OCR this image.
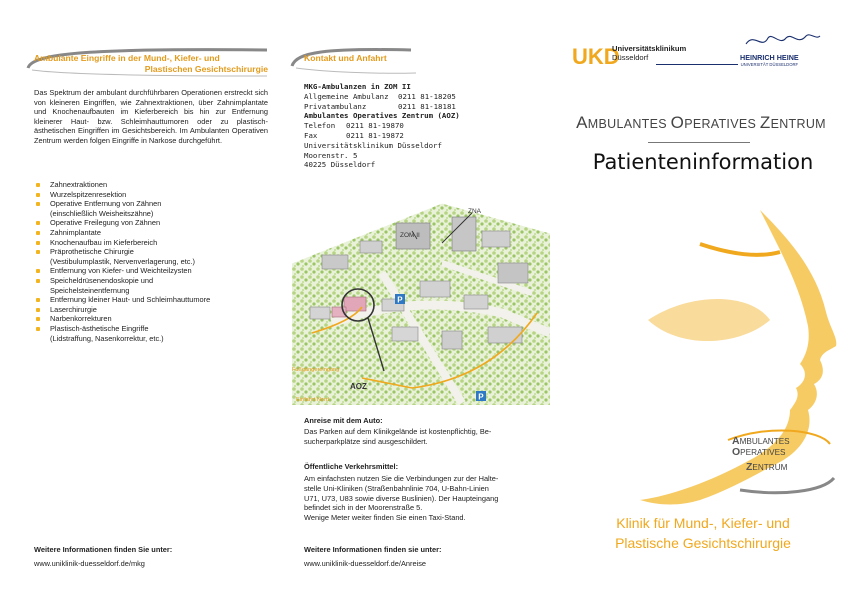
Ambulante Eingriffe in der Mund-, Kiefer- und
Plastischen Gesichtschirurgie
Das Spektrum der ambulant durchführbaren Operationen erstreckt sich von kleineren Eingriffen, wie Zahnextraktionen, über Zahnimplantate und Knochenaufbauten im Kieferbereich bis hin zur Entfernung kleinerer Haut- bzw. Schleimhauttumoren oder zu plastisch-ästhetischen Eingriffen im Gesichtsbereich. Im Ambulanten Operativen Zentrum werden folgen Eingriffe in Narkose durchgeführt.
Zahnextraktionen
Wurzelspitzenresektion
Operative Entfernung von Zähnen
(einschließlich Weisheitszähne)
Operative Freilegung von Zähnen
Zahnimplantate
Knochenaufbau im Kieferbereich
Präprothetische Chirurgie
(Vestibulumplastik, Nervenverlagerung, etc.)
Entfernung von Kiefer- und Weichteilzysten
Speicheldrüsenendoskopie und
Speichelsteinentfernung
Entfernung kleiner Haut- und Schleimhauttumore
Laserchirurgie
Narbenkorrekturen
Plastisch-ästhetische Eingriffe
(Lidstraffung, Nasenkorrektur, etc.)
Weitere Informationen finden Sie unter:
www.uniklinik-duesseldorf.de/mkg
Kontakt und Anfahrt
MKG-Ambulanzen in ZOM II
Allgemeine Ambulanz	0211 81-18205
Privatambulanz	0211 81-18181
Ambulantes Operatives Zentrum (AOZ)
Telefon	0211 81-19870
Fax	0211 81-19872
Universitätsklinikum Düsseldorf
Moorenstr. 5
40225 Düsseldorf
P
P
ZNA
ZOM II
AOZ
Fußgängereingang
Einfahrt Nord
Anreise mit dem Auto:
Das Parken auf dem Klinikgelände ist kostenpflichtig, Be-
sucherparkplätze sind ausgeschildert.
Öffentliche Verkehrsmittel:
Am einfachsten nutzen Sie die Verbindungen zur der Halte-
stelle Uni-Kliniken (Straßenbahnlinie 704, U-Bahn-Linien
U71, U73, U83 sowie diverse Buslinien). Der Haupteingang
befindet sich in der Moorenstraße 5.
Wenige Meter weiter finden Sie einen Taxi-Stand.
Weitere Informationen finden sie unter:
www.uniklinik-duesseldorf.de/Anreise
UKD
Universitätsklinikum
Düsseldorf	HEINRICH HEINE
UNIVERSITÄT DÜSSELDORF
AMBULANTES OPERATIVES ZENTRUM
Patienteninformation
AMBULANTES
OPERATIVES
ZENTRUM
Klinik für Mund-, Kiefer- und
Plastische Gesichtschirurgie
